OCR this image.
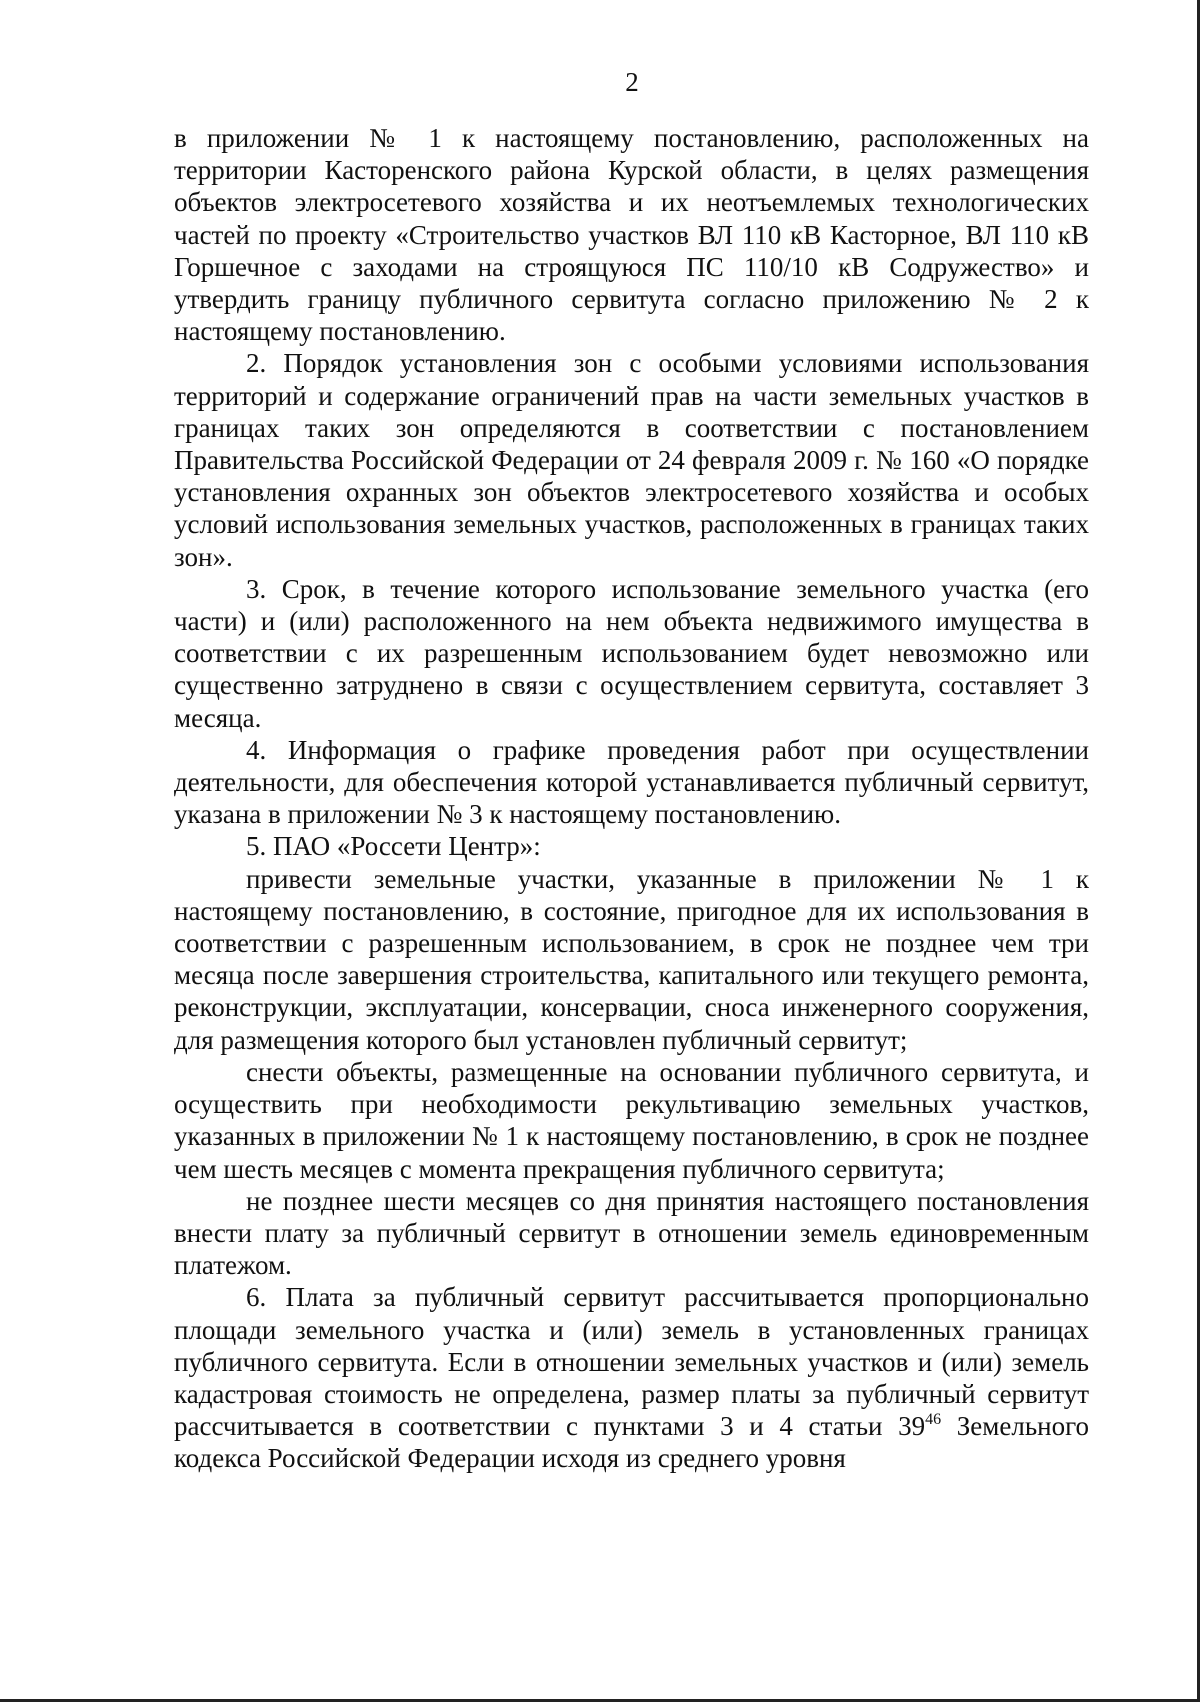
2

в приложении № 1 к настоящему постановлению, расположенных на территории Касторенского района Курской области, в целях размещения объектов электросетевого хозяйства и их неотъемлемых технологических частей по проекту «Строительство участков ВЛ 110 кВ Касторное, ВЛ 110 кВ Горшечное с заходами на строящуюся ПС 110/10 кВ Содружество» и утвердить границу публичного сервитута согласно приложению № 2 к настоящему постановлению.

2. Порядок установления зон с особыми условиями использования территорий и содержание ограничений прав на части земельных участков в границах таких зон определяются в соответствии с постановлением Правительства Российской Федерации от 24 февраля 2009 г. № 160 «О порядке установления охранных зон объектов электросетевого хозяйства и особых условий использования земельных участков, расположенных в границах таких зон».

3. Срок, в течение которого использование земельного участка (его части) и (или) расположенного на нем объекта недвижимого имущества в соответствии с их разрешенным использованием будет невозможно или существенно затруднено в связи с осуществлением сервитута, составляет 3 месяца.

4. Информация о графике проведения работ при осуществлении деятельности, для обеспечения которой устанавливается публичный сервитут, указана в приложении № 3 к настоящему постановлению.

5. ПАО «Россети Центр»:

привести земельные участки, указанные в приложении № 1 к настоящему постановлению, в состояние, пригодное для их использования в соответствии с разрешенным использованием, в срок не позднее чем три месяца после завершения строительства, капитального или текущего ремонта, реконструкции, эксплуатации, консервации, сноса инженерного сооружения, для размещения которого был установлен публичный сервитут;

снести объекты, размещенные на основании публичного сервитута, и осуществить при необходимости рекультивацию земельных участков, указанных в приложении № 1 к настоящему постановлению, в срок не позднее чем шесть месяцев с момента прекращения публичного сервитута;

не позднее шести месяцев со дня принятия настоящего постановления внести плату за публичный сервитут в отношении земель единовременным платежом.

6. Плата за публичный сервитут рассчитывается пропорционально площади земельного участка и (или) земель в установленных границах публичного сервитута. Если в отношении земельных участков и (или) земель кадастровая стоимость не определена, размер платы за публичный сервитут рассчитывается в соответствии с пунктами 3 и 4 статьи $39^{46}$ Земельного кодекса Российской Федерации исходя из среднего уровня
